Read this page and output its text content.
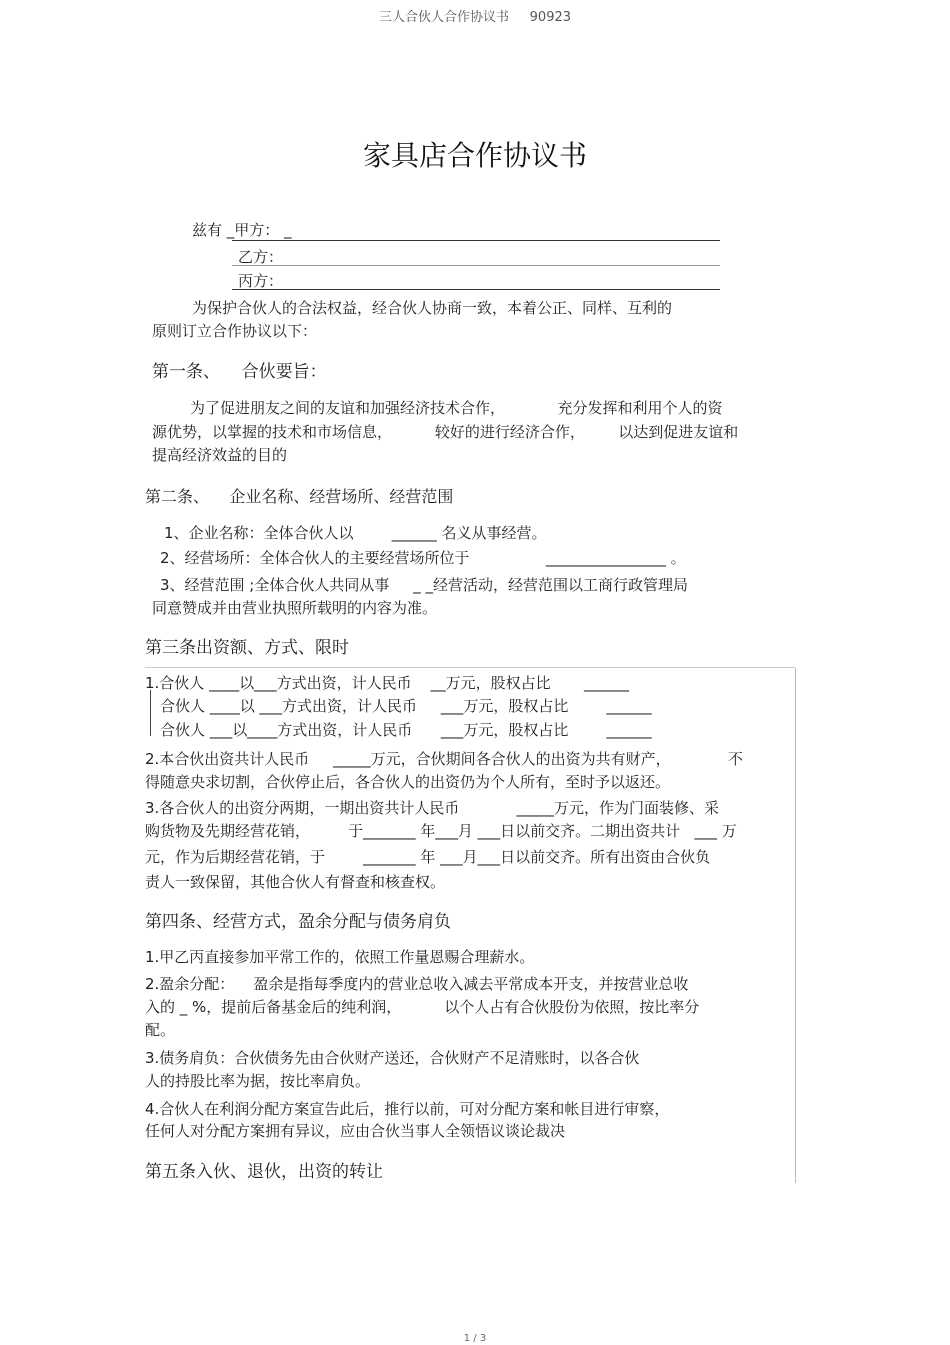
三人合伙人合作协议书     90923
家具店合作协议书
兹有 _甲方： _
乙方：
丙方：
为保护合伙人的合法权益，经合伙人协商一致，本着公正、同样、互利的
原则订立合作协议以下：
第一条、    合伙要旨：
为了促进朋友之间的友谊和加强经济技术合作，           充分发挥和利用个人的资
源优势，以掌握的技术和市场信息，         较好的进行经济合作，       以达到促进友谊和
提高经济效益的目的
第二条、    企业名称、经营场所、经营范围
1、企业名称：全体合伙人以        ______ 名义从事经营。
2、经营场所：全体合伙人的主要经营场所位于                ________________ 。
3、经营范围 ;全体合伙人共同从事     _ _经营活动，经营范围以工商行政管理局
同意赞成并由营业执照所载明的内容为准。
第三条出资额、方式、限时
1.合伙人 ____以___方式出资，计人民币    __万元，股权占比       ______
合伙人 ____以 ___方式出资，计人民币     ___万元，股权占比        ______
合伙人 ___以____方式出资，计人民币      ___万元，股权占比        ______
2.本合伙出资共计人民币     _____万元，合伙期间各合伙人的出资为共有财产，            不
得随意央求切割，合伙停止后，各合伙人的出资仍为个人所有，至时予以返还。
3.各合伙人的出资分两期，一期出资共计人民币            _____万元，作为门面装修、采
购货物及先期经营花销，        于_______ 年___月 ___日以前交齐。二期出资共计   ___ 万
元，作为后期经营花销，于        _______ 年 ___月___日以前交齐。所有出资由合伙负
责人一致保留，其他合伙人有督查和核查权。
第四条、经营方式，盈余分配与债务肩负
1.甲乙丙直接参加平常工作的，依照工作量恩赐合理薪水。
2.盈余分配：    盈余是指每季度内的营业总收入减去平常成本开支，并按营业总收
入的 _ %，提前后备基金后的纯利润，         以个人占有合伙股份为依照，按比率分
配。
3.债务肩负：合伙债务先由合伙财产送还，合伙财产不足清账时，以各合伙
人的持股比率为据，按比率肩负。
4.合伙人在利润分配方案宣告此后，推行以前，可对分配方案和帐目进行审察，
任何人对分配方案拥有异议，应由合伙当事人全领悟议谈论裁决
第五条入伙、退伙，出资的转让
1 / 3
